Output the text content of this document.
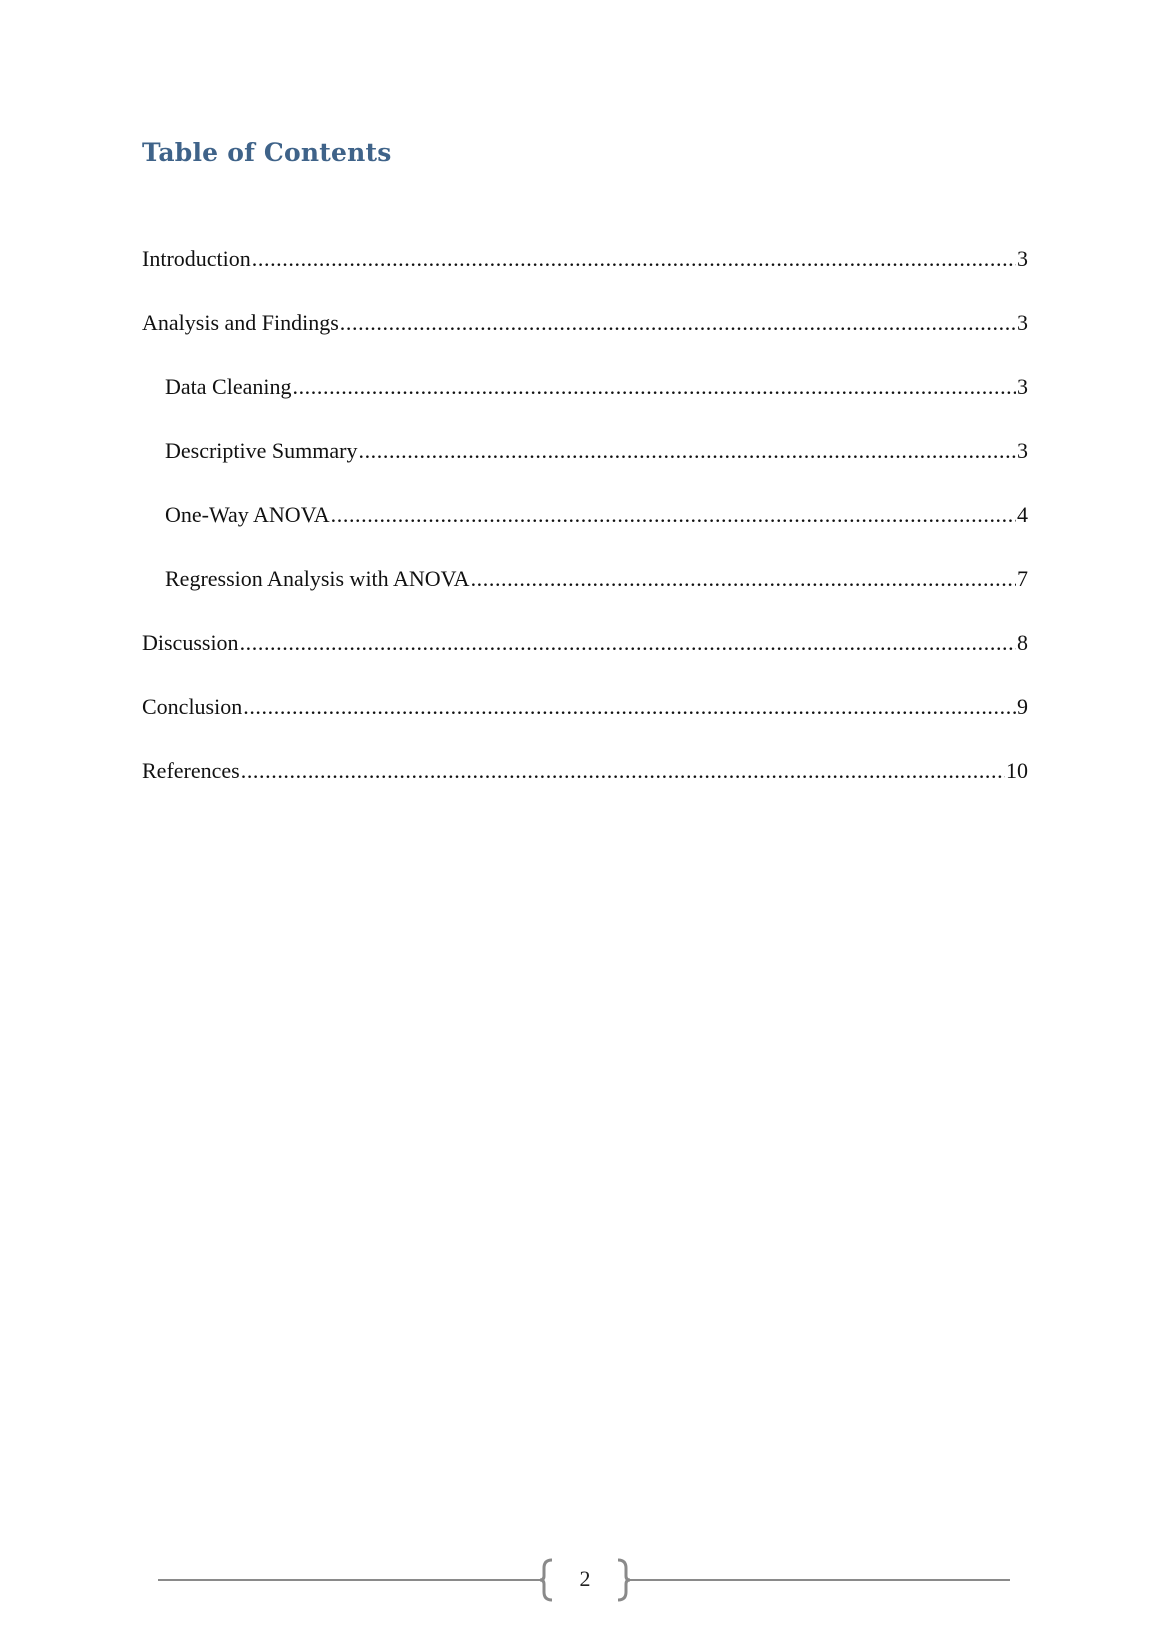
Table of Contents
Introduction .....	3
Analysis and Findings .....	3
Data Cleaning .....	3
Descriptive Summary .....	3
One-Way ANOVA .....	4
Regression Analysis with ANOVA .....	7
Discussion .....	8
Conclusion .....	9
References .....	10
2
